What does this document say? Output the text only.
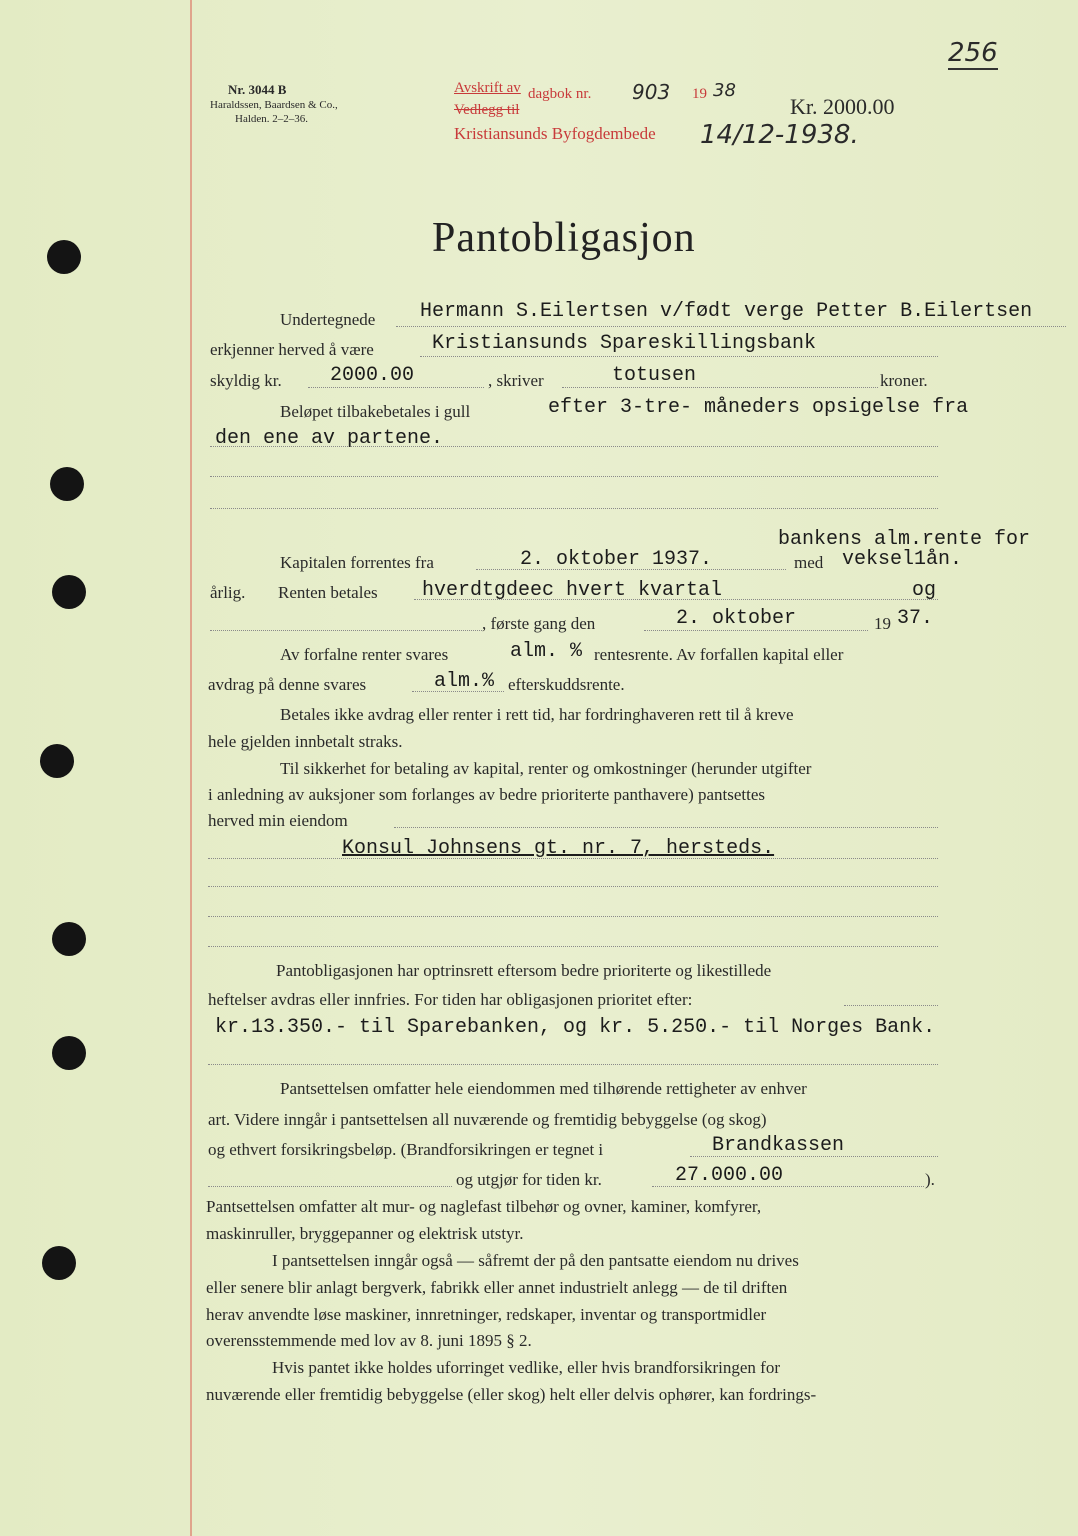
256
Nr. 3044 B
Haraldssen, Baardsen & Co.,
Halden. 2–2–36.
Avskrift av dagbok nr. 903 19 38
Vedlegg til
Kristiansunds Byfogdembede 14/12-1938.
Kr. 2000.00
Pantobligasjon
Undertegnede Hermann S.Eilertsen v/født verge Petter B.Eilertsen
erkjenner herved å være	Kristiansunds Spareskillingsbank
skyldig kr. 2000.00	, skriver	totusen	kroner.
Beløpet tilbakebetales i gull	efter 3-tre- måneders opsigelse fra
den ene av partene.
bankens alm.rente for
Kapitalen forrentes fra	2. oktober 1937.	med veksel1ån.
årlig. Renten betales hverdtgdeec hvert kvartal	og
, første gang den	2. oktober	19 37.
Av forfalne renter svares	alm. % rentesrente. Av forfallen kapital eller
avdrag på denne svares	alm.% efterskuddsrente.
Betales ikke avdrag eller renter i rett tid, har fordringhaveren rett til å kreve
hele gjelden innbetalt straks.
Til sikkerhet for betaling av kapital, renter og omkostninger (herunder utgifter
i anledning av auksjoner som forlanges av bedre prioriterte panthavere) pantsettes
herved min eiendom
Konsul Johnsens gt. nr. 7, hersteds.
Pantobligasjonen har optrinsrett eftersom bedre prioriterte og likestillede
heftelser avdras eller innfries. For tiden har obligasjonen prioritet efter:
kr.13.350.- til Sparebanken, og kr. 5.250.- til Norges Bank.
Pantsettelsen omfatter hele eiendommen med tilhørende rettigheter av enhver
art. Videre inngår i pantsettelsen all nuværende og fremtidig bebyggelse (og skog)
og ethvert forsikringsbeløp. (Brandforsikringen er tegnet i	Brandkassen
og utgjør for tiden kr.	27.000.00	).
Pantsettelsen omfatter alt mur- og naglefast tilbehør og ovner, kaminer, komfyrer,
maskinruller, bryggepanner og elektrisk utstyr.
I pantsettelsen inngår også — såfremt der på den pantsatte eiendom nu drives
eller senere blir anlagt bergverk, fabrikk eller annet industrielt anlegg — de til driften
herav anvendte løse maskiner, innretninger, redskaper, inventar og transportmidler
overensstemmende med lov av 8. juni 1895 § 2.
Hvis pantet ikke holdes uforringet vedlike, eller hvis brandforsikringen for
nuværende eller fremtidig bebyggelse (eller skog) helt eller delvis ophører, kan fordrings-
